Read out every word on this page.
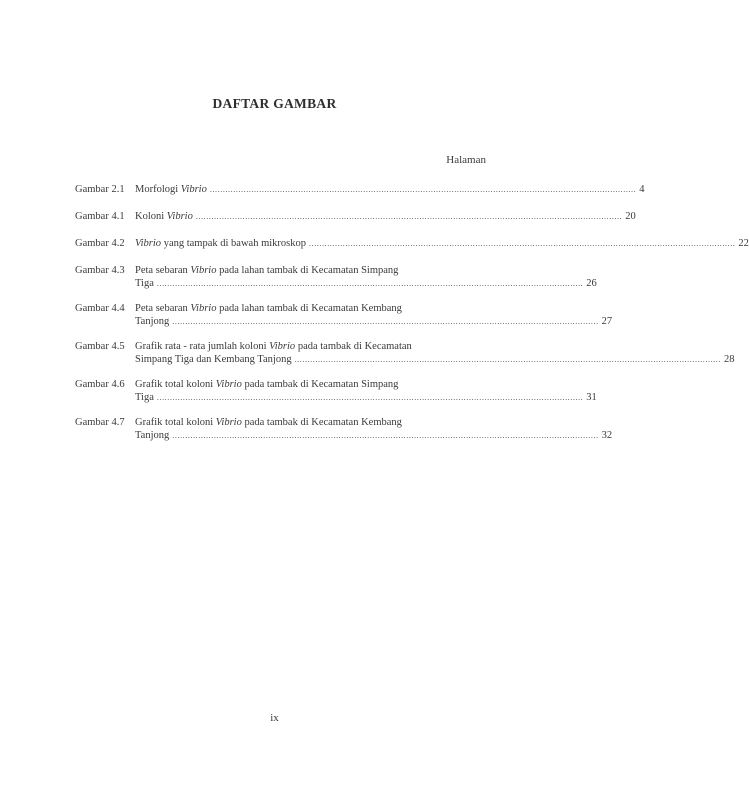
DAFTAR GAMBAR
Halaman
Gambar 2.1 Morfologi Vibrio .................................................................................................................................................................... 4
Gambar 4.1 Koloni Vibrio .................................................................................................................................................................... 20
Gambar 4.2 Vibrio yang tampak di bawah mikroskop .................................................................................................................................................................... 22
Gambar 4.3 Peta sebaran Vibrio pada lahan tambak di Kecamatan Simpang
Tiga .................................................................................................................................................................... 26
Gambar 4.4 Peta sebaran Vibrio pada lahan tambak di Kecamatan Kembang
Tanjong .................................................................................................................................................................... 27
Gambar 4.5 Grafik rata - rata jumlah koloni Vibrio pada tambak di Kecamatan
Simpang Tiga dan Kembang Tanjong .................................................................................................................................................................... 28
Gambar 4.6 Grafik total koloni Vibrio pada tambak di Kecamatan Simpang
Tiga .................................................................................................................................................................... 31
Gambar 4.7 Grafik total koloni Vibrio pada tambak di Kecamatan Kembang
Tanjong .................................................................................................................................................................... 32
ix
